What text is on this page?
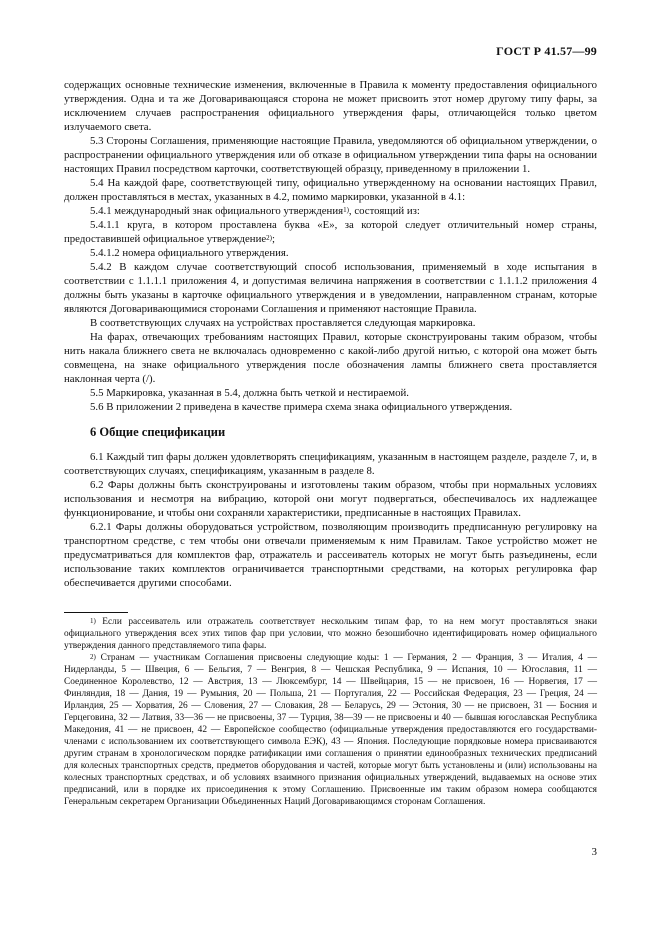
ГОСТ Р 41.57—99

содержащих основные технические изменения, включенные в Правила к моменту предоставления официального утверждения. Одна и та же Договаривающаяся сторона не может присвоить этот номер другому типу фары, за исключением случаев распространения официального утверждения фары, отличающейся только цветом излучаемого света.

5.3 Стороны Соглашения, применяющие настоящие Правила, уведомляются об официальном утверждении, о распространении официального утверждения или об отказе в официальном утверждении типа фары на основании настоящих Правил посредством карточки, соответствующей образцу, приведенному в приложении 1.

5.4 На каждой фаре, соответствующей типу, официально утвержденному на основании настоящих Правил, должен проставляться в местах, указанных в 4.2, помимо маркировки, указанной в 4.1:

5.4.1 международный знак официального утверждения$^{1)}$, состоящий из:

5.4.1.1 круга, в котором проставлена буква «Е», за которой следует отличительный номер страны, предоставившей официальное утверждение$^{2)}$;

5.4.1.2 номера официального утверждения.

5.4.2 В каждом случае соответствующий способ использования, применяемый в ходе испытания в соответствии с 1.1.1.1 приложения 4, и допустимая величина напряжения в соответствии с 1.1.1.2 приложения 4 должны быть указаны в карточке официального утверждения и в уведомлении, направленном странам, которые являются Договаривающимися сторонами Соглашения и применяют настоящие Правила.

В соответствующих случаях на устройствах проставляется следующая маркировка.

На фарах, отвечающих требованиям настоящих Правил, которые сконструированы таким образом, чтобы нить накала ближнего света не включалась одновременно с какой-либо другой нитью, с которой она может быть совмещена, на знаке официального утверждения после обозначения лампы ближнего света проставляется наклонная черта (/).

5.5 Маркировка, указанная в 5.4, должна быть четкой и нестираемой.

5.6 В приложении 2 приведена в качестве примера схема знака официального утверждения.

6 Общие спецификации

6.1 Каждый тип фары должен удовлетворять спецификациям, указанным в настоящем разделе, разделе 7, и, в соответствующих случаях, спецификациям, указанным в разделе 8.

6.2 Фары должны быть сконструированы и изготовлены таким образом, чтобы при нормальных условиях использования и несмотря на вибрацию, которой они могут подвергаться, обеспечивалось их надлежащее функционирование, и чтобы они сохраняли характеристики, предписанные в настоящих Правилах.

6.2.1 Фары должны оборудоваться устройством, позволяющим производить предписанную регулировку на транспортном средстве, с тем чтобы они отвечали применяемым к ним Правилам. Такое устройство может не предусматриваться для комплектов фар, отражатель и рассеиватель которых не могут быть разъединены, если использование таких комплектов ограничивается транспортными средствами, на которых регулировка фар обеспечивается другими способами.

$^{1)}$ Если рассеиватель или отражатель соответствует нескольким типам фар, то на нем могут проставляться знаки официального утверждения всех этих типов фар при условии, что можно безошибочно идентифицировать номер официального утверждения данного представляемого типа фары.

$^{2)}$ Странам — участникам Соглашения присвоены следующие коды: 1 — Германия, 2 — Франция, 3 — Италия, 4 — Нидерланды, 5 — Швеция, 6 — Бельгия, 7 — Венгрия, 8 — Чешская Республика, 9 — Испания, 10 — Югославия, 11 — Соединенное Королевство, 12 — Австрия, 13 — Люксембург, 14 — Швейцария, 15 — не присвоен, 16 — Норвегия, 17 — Финляндия, 18 — Дания, 19 — Румыния, 20 — Польша, 21 — Португалия, 22 — Российская Федерация, 23 — Греция, 24 — Ирландия, 25 — Хорватия, 26 — Словения, 27 — Словакия, 28 — Беларусь, 29 — Эстония, 30 — не присвоен, 31 — Босния и Герцеговина, 32 — Латвия, 33—36 — не присвоены, 37 — Турция, 38—39 — не присвоены и 40 — бывшая югославская Республика Македония, 41 — не присвоен, 42 — Европейское сообщество (официальные утверждения предоставляются его государствами-членами с использованием их соответствующего символа ЕЭК), 43 — Япония. Последующие порядковые номера присваиваются другим странам в хронологическом порядке ратификации ими соглашения о принятии единообразных технических предписаний для колесных транспортных средств, предметов оборудования и частей, которые могут быть установлены и (или) использованы на колесных транспортных средствах, и об условиях взаимного признания официальных утверждений, выдаваемых на основе этих предписаний, или в порядке их присоединения к этому Соглашению. Присвоенные им таким образом номера сообщаются Генеральным секретарем Организации Объединенных Наций Договаривающимся сторонам Соглашения.

3
